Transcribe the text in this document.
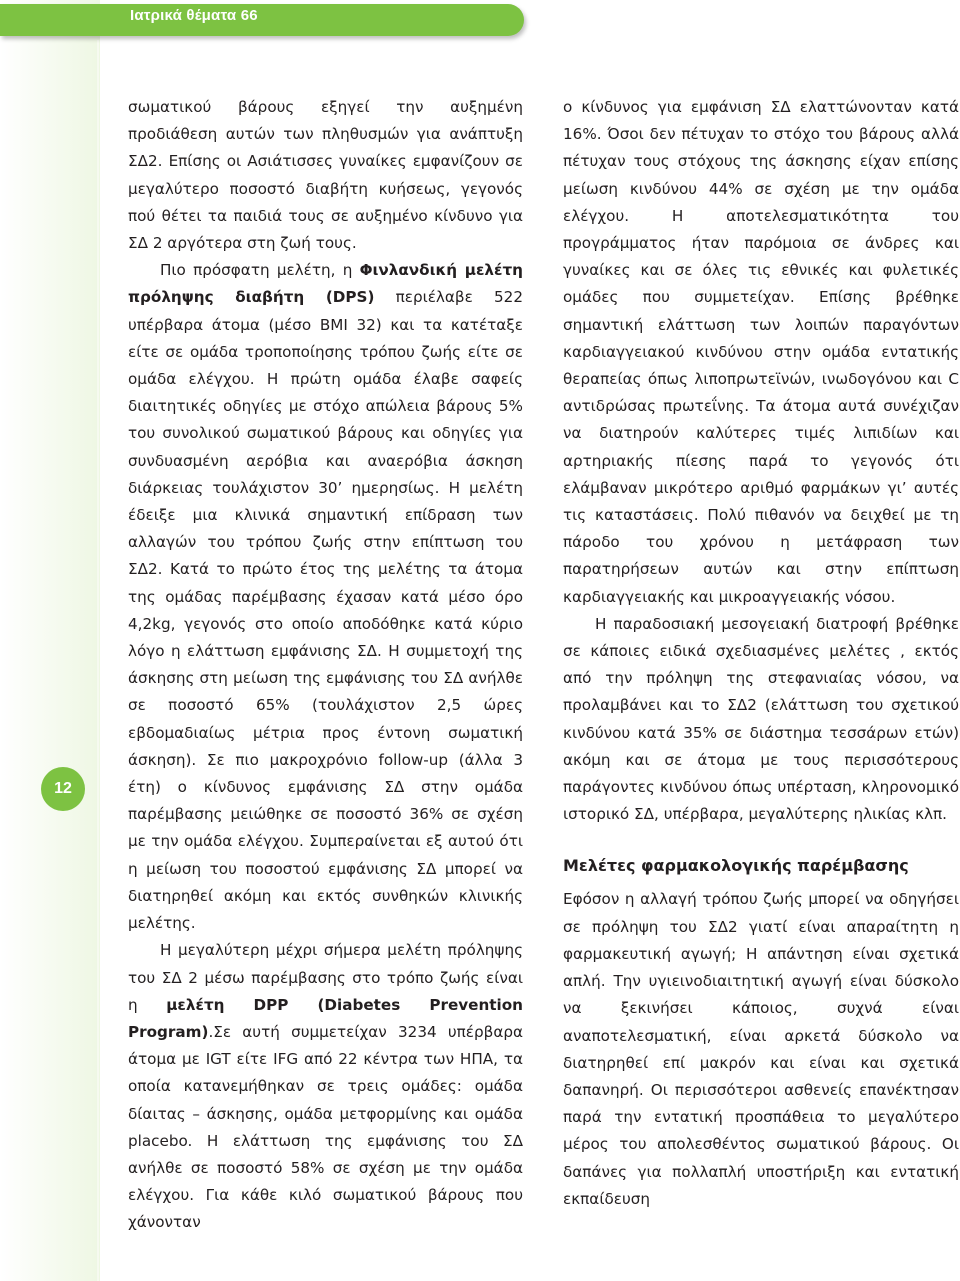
Ιατρικά θέματα 66
12

σωματικού βάρους εξηγεί την αυξημένη προδιάθεση αυτών των πληθυσμών για ανάπτυξη ΣΔ2. Επίσης οι Ασιάτισσες γυναίκες εμφανίζουν σε μεγαλύτερο ποσοστό διαβήτη κυήσεως, γεγονός πού θέτει τα παιδιά τους σε αυξημένο κίνδυνο για ΣΔ 2 αργότερα στη ζωή τους.

Πιο πρόσφατη μελέτη, η Φινλανδική μελέτη πρόληψης διαβήτη (DPS) περιέλαβε 522 υπέρβαρα άτομα (μέσο BMI 32) και τα κατέταξε είτε σε ομάδα τροποποίησης τρόπου ζωής είτε σε ομάδα ελέγχου. Η πρώτη ομάδα έλαβε σαφείς διαιτητικές οδηγίες με στόχο απώλεια βάρους 5% του συνολικού σωματικού βάρους και οδηγίες για συνδυασμένη αερόβια και αναερόβια άσκηση διάρκειας τουλάχιστον 30’ ημερησίως. Η μελέτη έδειξε μια κλινικά σημαντική επίδραση των αλλαγών του τρόπου ζωής στην επίπτωση του ΣΔ2. Κατά το πρώτο έτος της μελέτης τα άτομα της ομάδας παρέμβασης έχασαν κατά μέσο όρο 4,2kg, γεγονός στο οποίο αποδόθηκε κατά κύριο λόγο η ελάττωση εμφάνισης ΣΔ. Η συμμετοχή της άσκησης στη μείωση της εμφάνισης του ΣΔ ανήλθε σε ποσοστό 65% (τουλάχιστον 2,5 ώρες εβδομαδιαίως μέτρια προς έντονη σωματική άσκηση). Σε πιο μακροχρόνιο follow-up (άλλα 3 έτη) ο κίνδυνος εμφάνισης ΣΔ στην ομάδα παρέμβασης μειώθηκε σε ποσοστό 36% σε σχέση με την ομάδα ελέγχου. Συμπεραίνεται εξ αυτού ότι η μείωση του ποσοστού εμφάνισης ΣΔ μπορεί να διατηρηθεί ακόμη και εκτός συνθηκών κλινικής μελέτης.

Η μεγαλύτερη μέχρι σήμερα μελέτη πρόληψης του ΣΔ 2 μέσω παρέμβασης στο τρόπο ζωής είναι η μελέτη DPP (Diabetes Prevention Program).Σε αυτή συμμετείχαν 3234 υπέρβαρα άτομα με IGT είτε IFG από 22 κέντρα των ΗΠΑ, τα οποία κατανεμήθηκαν σε τρεις ομάδες: ομάδα δίαιτας – άσκησης, ομάδα μετφορμίνης και ομάδα placebo. Η ελάττωση της εμφάνισης του ΣΔ ανήλθε σε ποσοστό 58% σε σχέση με την ομάδα ελέγχου. Για κάθε κιλό σωματικού βάρους που χάνονταν

ο κίνδυνος για εμφάνιση ΣΔ ελαττώνονταν κατά 16%. Όσοι δεν πέτυχαν το στόχο του βάρους αλλά πέτυχαν τους στόχους της άσκησης είχαν επίσης μείωση κινδύνου 44% σε σχέση με την ομάδα ελέγχου. Η αποτελεσματικότητα του προγράμματος ήταν παρόμοια σε άνδρες και γυναίκες και σε όλες τις εθνικές και φυλετικές ομάδες που συμμετείχαν. Επίσης βρέθηκε σημαντική ελάττωση των λοιπών παραγόντων καρδιαγγειακού κινδύνου στην ομάδα εντατικής θεραπείας όπως λιποπρωτεϊνών, ινωδογόνου και C αντιδρώσας πρωτεΐνης. Τα άτομα αυτά συνέχιζαν να διατηρούν καλύτερες τιμές λιπιδίων και αρτηριακής πίεσης παρά το γεγονός ότι ελάμβαναν μικρότερο αριθμό φαρμάκων γι’ αυτές τις καταστάσεις. Πολύ πιθανόν να δειχθεί με τη πάροδο του χρόνου η μετάφραση των παρατηρήσεων αυτών και στην επίπτωση καρδιαγγειακής και μικροαγγειακής νόσου.

Η παραδοσιακή μεσογειακή διατροφή βρέθηκε σε κάποιες ειδικά σχεδιασμένες μελέτες , εκτός από την πρόληψη της στεφανιαίας νόσου, να προλαμβάνει και το ΣΔ2 (ελάττωση του σχετικού κινδύνου κατά 35% σε διάστημα τεσσάρων ετών) ακόμη και σε άτομα με τους περισσότερους παράγοντες κινδύνου όπως υπέρταση, κληρονομικό ιστορικό ΣΔ, υπέρβαρα, μεγαλύτερης ηλικίας κλπ.

Μελέτες φαρμακολογικής παρέμβασης

Εφόσον η αλλαγή τρόπου ζωής μπορεί να οδηγήσει σε πρόληψη του ΣΔ2 γιατί είναι απαραίτητη η φαρμακευτική αγωγή; Η απάντηση είναι σχετικά απλή. Την υγιεινοδιαιτητική αγωγή είναι δύσκολο να ξεκινήσει κάποιος, συχνά είναι αναποτελεσματική, είναι αρκετά δύσκολο να διατηρηθεί επί μακρόν και είναι και σχετικά δαπανηρή. Οι περισσότεροι ασθενείς επανέκτησαν παρά την εντατική προσπάθεια το μεγαλύτερο μέρος του απολεσθέντος σωματικού βάρους. Οι δαπάνες για πολλαπλή υποστήριξη και εντατική εκπαίδευση
